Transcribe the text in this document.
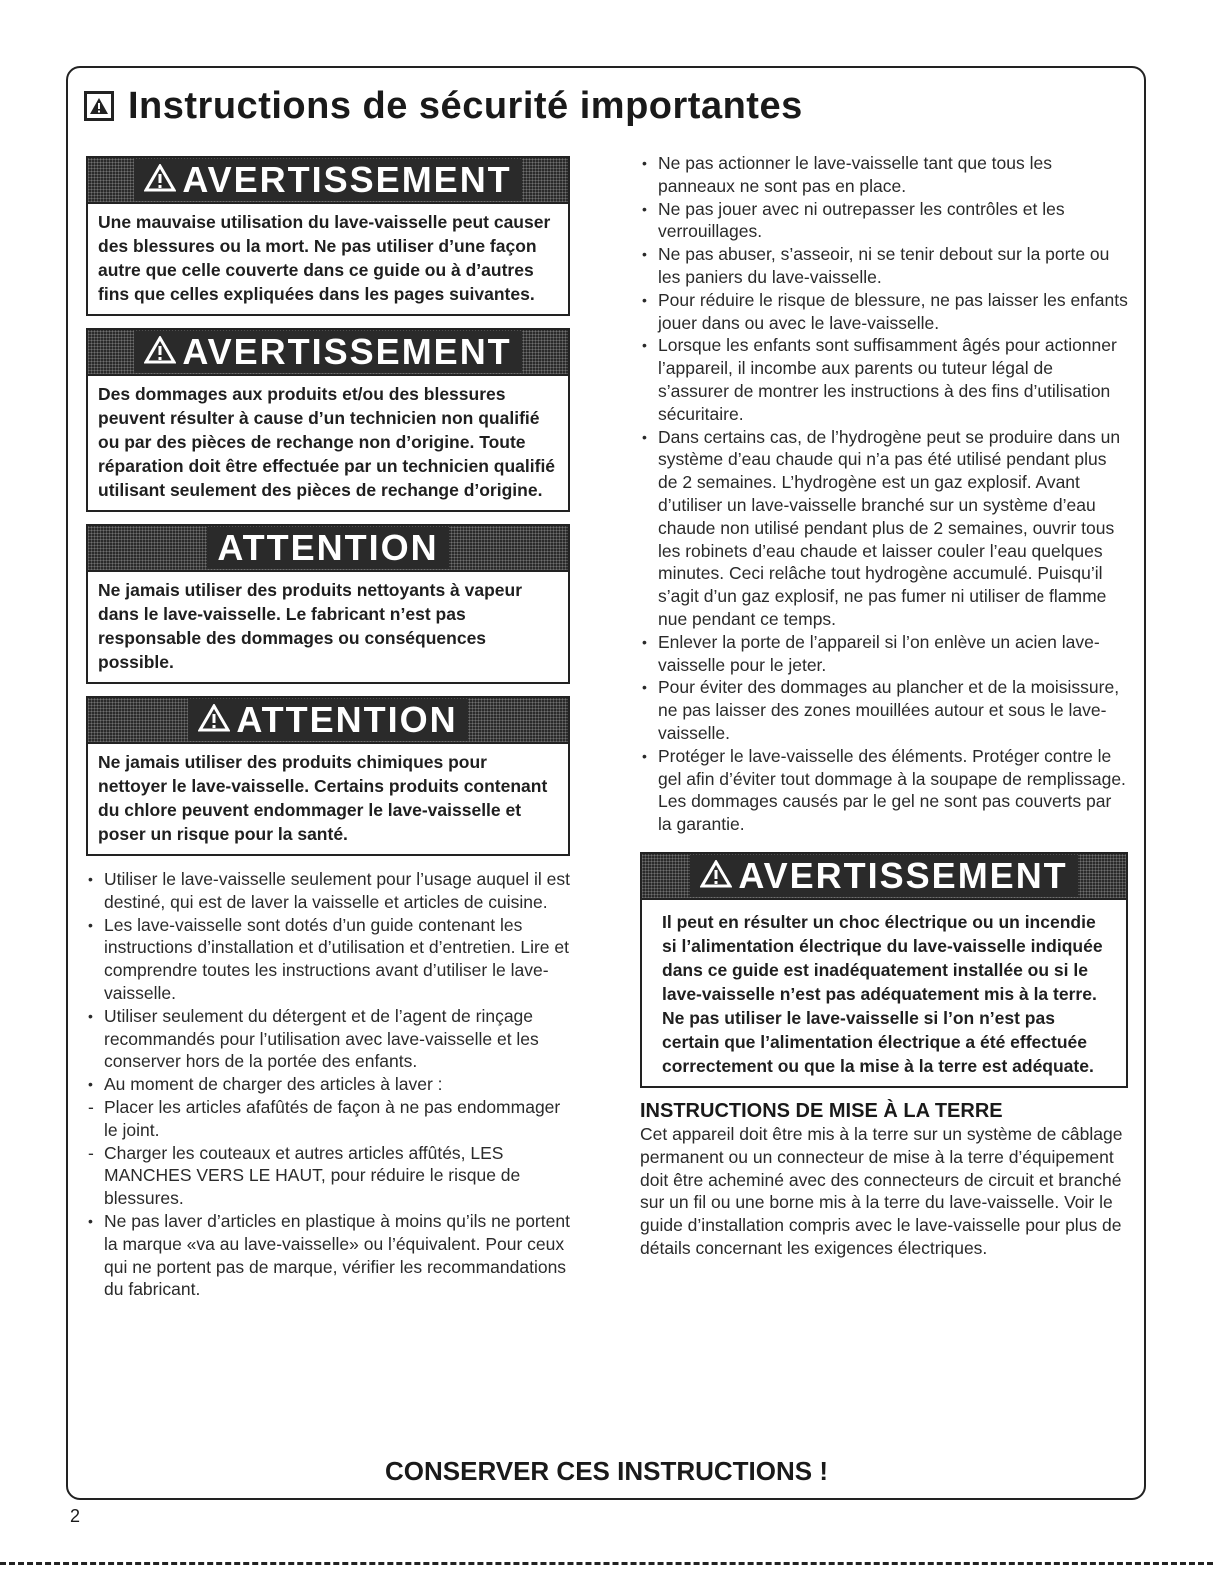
Instructions de sécurité importantes
AVERTISSEMENT
Une mauvaise utilisation du lave-vaisselle peut causer des blessures ou la mort. Ne pas utiliser d’une façon autre que celle couverte dans ce guide ou à d’autres fins que celles expliquées dans les pages suivantes.
AVERTISSEMENT
Des dommages aux produits et/ou des blessures peuvent résulter à cause d’un technicien non qualifié ou par des pièces de rechange non d’origine. Toute réparation doit être effectuée par un technicien qualifié utilisant seulement des pièces de rechange d’origine.
ATTENTION
Ne jamais utiliser des produits nettoyants à vapeur dans le lave-vaisselle. Le fabricant n’est pas responsable des dommages ou conséquences possible.
ATTENTION
Ne jamais utiliser des produits chimiques pour nettoyer le lave-vaisselle. Certains produits contenant du chlore peuvent endommager le lave-vaisselle et poser un risque pour la santé.
• Utiliser le lave-vaisselle seulement pour l’usage auquel il est destiné, qui est de laver la vaisselle et articles de cuisine.
• Les lave-vaisselle sont dotés d’un guide contenant les instructions d’installation et d’utilisation et d’entretien. Lire et comprendre toutes les instructions avant d’utiliser le lave-vaisselle.
• Utiliser seulement du détergent et de l’agent de rinçage recommandés pour l’utilisation avec lave-vaisselle et les conserver hors de la portée des enfants.
• Au moment de charger des articles à laver :
- Placer les articles afafûtés de façon à ne pas endommager le joint.
- Charger les couteaux et autres articles affûtés, LES MANCHES VERS LE HAUT, pour réduire le risque de blessures.
• Ne pas laver d’articles en plastique à moins qu’ils ne portent la marque «va au lave-vaisselle» ou l’équivalent. Pour ceux qui ne portent pas de marque, vérifier les recommandations du fabricant.
• Ne pas actionner le lave-vaisselle tant que tous les panneaux ne sont pas en place.
• Ne pas jouer avec ni outrepasser les contrôles et les verrouillages.
• Ne pas abuser, s’asseoir, ni se tenir debout sur la porte ou les paniers du lave-vaisselle.
• Pour réduire le risque de blessure, ne pas laisser les enfants jouer dans ou avec le lave-vaisselle.
• Lorsque les enfants sont suffisamment âgés pour actionner l’appareil, il incombe aux parents ou tuteur légal de s’assurer de montrer les instructions à des fins d’utilisation sécuritaire.
• Dans certains cas, de l’hydrogène peut se produire dans un système d’eau chaude qui n’a pas été utilisé pendant plus de 2 semaines. L’hydrogène est un gaz explosif. Avant d’utiliser un lave-vaisselle branché sur un système d’eau chaude non utilisé pendant plus de 2 semaines, ouvrir tous les robinets d’eau chaude et laisser couler l’eau quelques minutes. Ceci relâche tout hydrogène accumulé. Puisqu’il s’agit d’un gaz explosif, ne pas fumer ni utiliser de flamme nue pendant ce temps.
• Enlever la porte de l’appareil si l’on enlève un acien lave-vaisselle pour le jeter.
• Pour éviter des dommages au plancher et de la moisissure, ne pas laisser des zones mouillées autour et sous le lave-vaisselle.
• Protéger le lave-vaisselle des éléments. Protéger contre le gel afin d’éviter tout dommage à la soupape de remplissage. Les dommages causés par le gel ne sont pas couverts par la garantie.
AVERTISSEMENT
Il peut en résulter un choc électrique ou un incendie si l’alimentation électrique du lave-vaisselle indiquée dans ce guide est inadéquatement installée ou si le lave-vaisselle n’est pas adéquatement mis à la terre. Ne pas utiliser le lave-vaisselle si l’on n’est pas certain que l’alimentation électrique a été effectuée correctement ou que la mise à la terre est adéquate.
INSTRUCTIONS DE MISE À LA TERRE
Cet appareil doit être mis à la terre sur un système de câblage permanent ou un connecteur de mise à la terre d’équipement doit être acheminé avec des connecteurs de circuit et branché sur un fil ou une borne mis à la terre du lave-vaisselle. Voir le guide d’installation compris avec le lave-vaisselle pour plus de détails concernant les exigences électriques.
CONSERVER CES INSTRUCTIONS !
2
